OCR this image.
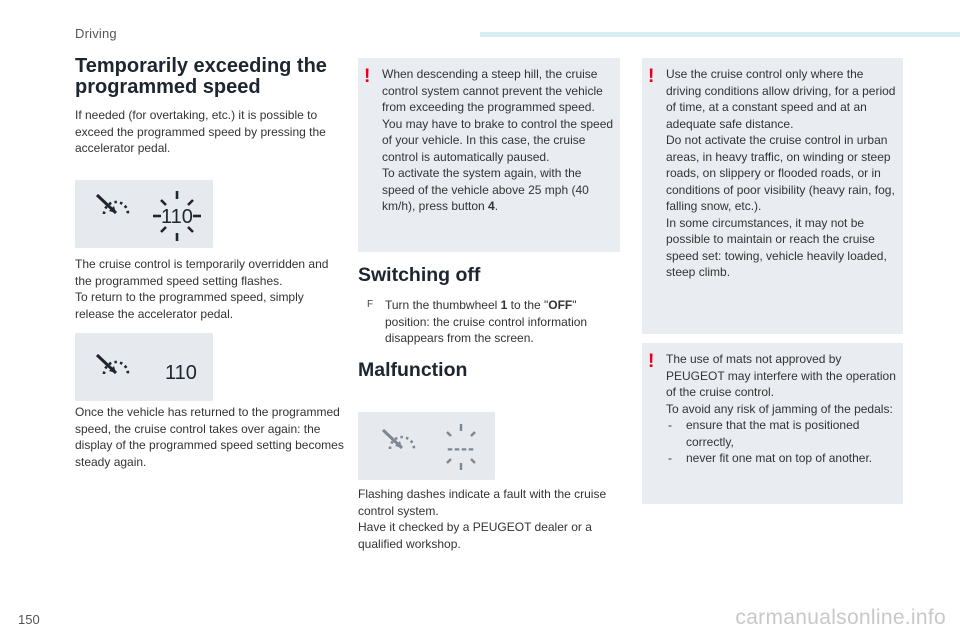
Driving
Temporarily exceeding the programmed speed

If needed (for overtaking, etc.) it is possible to exceed the programmed speed by pressing the accelerator pedal.

110

The cruise control is temporarily overridden and the programmed speed setting flashes.
To return to the programmed speed, simply release the accelerator pedal.

110

Once the vehicle has returned to the programmed speed, the cruise control takes over again: the display of the programmed speed setting becomes steady again.

! When descending a steep hill, the cruise control system cannot prevent the vehicle from exceeding the programmed speed.

You may have to brake to control the speed of your vehicle. In this case, the cruise control is automatically paused.

To activate the system again, with the speed of the vehicle above 25 mph (40 km/h), press button 4.

Switching off
F Turn the thumbwheel 1 to the "OFF" position: the cruise control information disappears from the screen.
Malfunction
----

Flashing dashes indicate a fault with the cruise control system.
Have it checked by a PEUGEOT dealer or a qualified workshop.

! Use the cruise control only where the driving conditions allow driving, for a period of time, at a constant speed and at an adequate safe distance.

Do not activate the cruise control in urban areas, in heavy traffic, on winding or steep roads, on slippery or flooded roads, or in conditions of poor visibility (heavy rain, fog, falling snow, etc.).

In some circumstances, it may not be possible to maintain or reach the cruise speed set: towing, vehicle heavily loaded, steep climb.

! The use of mats not approved by PEUGEOT may interfere with the operation of the cruise control.

To avoid any risk of jamming of the pedals:

- ensure that the mat is positioned correctly,
- never fit one mat on top of another.
150	carmanualsonline.info
